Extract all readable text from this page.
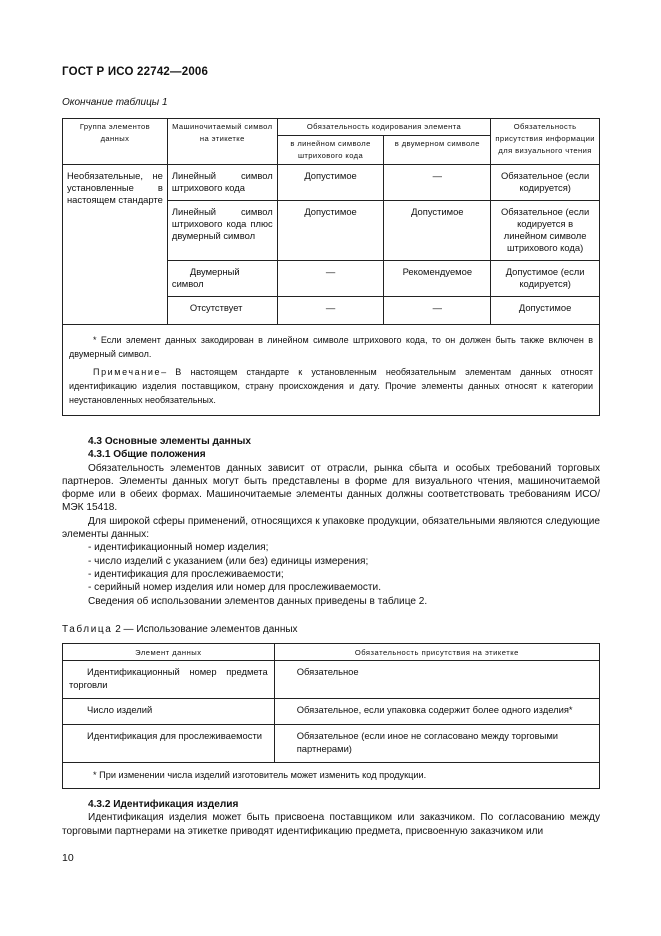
ГОСТ Р ИСО 22742—2006
Окончание таблицы 1
Группа элементов данных	Машиночитаемый символ на этикетке	Обязательность кодирования элемента		Обязательность присутствия информации для визуального чтения
		в линейном символе штрихового кода	в двумерном символе	
Необязательные, не установленные в настоящем стандарте	Линейный символ штрихового кода	Допустимое	—	Обязательное (если кодируется)
	Линейный символ штрихового кода плюс двумерный символ	Допустимое	Допустимое	Обязательное (если кодируется в линейном символе штрихового кода)
	Двумерный символ	—	Рекомендуемое	Допустимое (если кодируется)
	Отсутствует	—	—	Допустимое

* Если элемент данных закодирован в линейном символе штрихового кода, то он должен быть также включен в двумерный символ.

Примечание– В настоящем стандарте к установленным необязательным элементам данных относят идентификацию изделия поставщиком, страну происхождения и дату. Прочие элементы данных относят к категории неустановленных необязательных.				

4.3 Основные элементы данных

4.3.1 Общие положения

Обязательность элементов данных зависит от отрасли, рынка сбыта и особых требований торговых партнеров. Элементы данных могут быть представлены в форме для визуального чтения, машиночитаемой форме или в обеих формах. Машиночитаемые элементы данных должны соответствовать требованиям ИСО/МЭК 15418.

Для широкой сферы применений, относящихся к упаковке продукции, обязательными являются следующие элементы данных:

- идентификационный номер изделия;

- число изделий с указанием (или без) единицы измерения;

- идентификация для прослеживаемости;

- серийный номер изделия или номер для прослеживаемости.

Сведения об использовании элементов данных приведены в таблице 2.

Таблица 2 — Использование элементов данных
Элемент данных	Обязательность присутствия на этикетке
Идентификационный номер предмета торговли	Обязательное
Число изделий	Обязательное, если упаковка содержит более одного изделия*
Идентификация для прослеживаемости	Обязательное (если иное не согласовано между торговыми партнерами)
* При изменении числа изделий изготовитель может изменить код продукции.	

4.3.2 Идентификация изделия

Идентификация изделия может быть присвоена поставщиком или заказчиком. По согласованию между торговыми партнерами на этикетке приводят идентификацию предмета, присвоенную заказчиком или

10
